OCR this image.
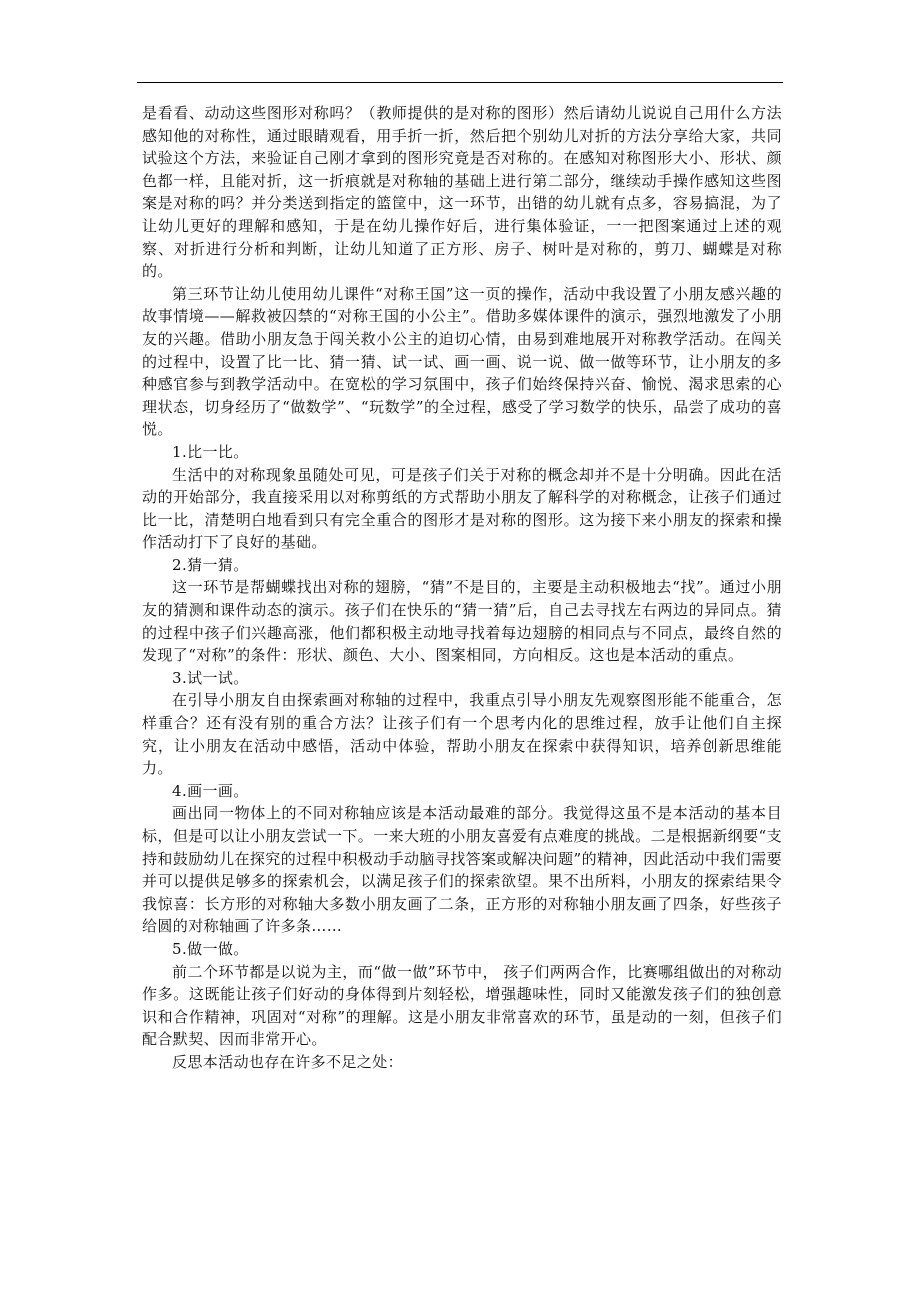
是看看、动动这些图形对称吗？（教师提供的是对称的图形）然后请幼儿说说自己用什么方法感知他的对称性，通过眼睛观看，用手折一折，然后把个别幼儿对折的方法分享给大家，共同试验这个方法，来验证自己刚才拿到的图形究竟是否对称的。在感知对称图形大小、形状、颜色都一样，且能对折，这一折痕就是对称轴的基础上进行第二部分，继续动手操作感知这些图案是对称的吗？并分类送到指定的篮筐中，这一环节，出错的幼儿就有点多，容易搞混，为了让幼儿更好的理解和感知，于是在幼儿操作好后，进行集体验证，一一把图案通过上述的观察、对折进行分析和判断，让幼儿知道了正方形、房子、树叶是对称的，剪刀、蝴蝶是对称的。

第三环节让幼儿使用幼儿课件“对称王国”这一页的操作，活动中我设置了小朋友感兴趣的故事情境——解救被囚禁的“对称王国的小公主”。借助多媒体课件的演示，强烈地激发了小朋友的兴趣。借助小朋友急于闯关救小公主的迫切心情，由易到难地展开对称教学活动。在闯关的过程中，设置了比一比、猜一猜、试一试、画一画、说一说、做一做等环节，让小朋友的多种感官参与到教学活动中。在宽松的学习氛围中，孩子们始终保持兴奋、愉悦、渴求思索的心理状态，切身经历了“做数学”、“玩数学”的全过程，感受了学习数学的快乐，品尝了成功的喜悦。

1.比一比。

生活中的对称现象虽随处可见，可是孩子们关于对称的概念却并不是十分明确。因此在活动的开始部分，我直接采用以对称剪纸的方式帮助小朋友了解科学的对称概念，让孩子们通过比一比，清楚明白地看到只有完全重合的图形才是对称的图形。这为接下来小朋友的探索和操作活动打下了良好的基础。

2.猜一猜。

这一环节是帮蝴蝶找出对称的翅膀，“猜”不是目的，主要是主动积极地去“找”。通过小朋友的猜测和课件动态的演示。孩子们在快乐的“猜一猜”后，自己去寻找左右两边的异同点。猜的过程中孩子们兴趣高涨，他们都积极主动地寻找着每边翅膀的相同点与不同点，最终自然的发现了“对称”的条件：形状、颜色、大小、图案相同，方向相反。这也是本活动的重点。

3.试一试。

在引导小朋友自由探索画对称轴的过程中，我重点引导小朋友先观察图形能不能重合，怎样重合？还有没有别的重合方法？让孩子们有一个思考内化的思维过程，放手让他们自主探究，让小朋友在活动中感悟，活动中体验，帮助小朋友在探索中获得知识，培养创新思维能力。

4.画一画。

画出同一物体上的不同对称轴应该是本活动最难的部分。我觉得这虽不是本活动的基本目标，但是可以让小朋友尝试一下。一来大班的小朋友喜爱有点难度的挑战。二是根据新纲要“支持和鼓励幼儿在探究的过程中积极动手动脑寻找答案或解决问题”的精神，因此活动中我们需要并可以提供足够多的探索机会，以满足孩子们的探索欲望。果不出所料，小朋友的探索结果令我惊喜：长方形的对称轴大多数小朋友画了二条，正方形的对称轴小朋友画了四条，好些孩子给圆的对称轴画了许多条……

5.做一做。

前二个环节都是以说为主，而“做一做”环节中， 孩子们两两合作，比赛哪组做出的对称动作多。这既能让孩子们好动的身体得到片刻轻松，增强趣味性，同时又能激发孩子们的独创意识和合作精神，巩固对“对称”的理解。这是小朋友非常喜欢的环节，虽是动的一刻，但孩子们配合默契、因而非常开心。

反思本活动也存在许多不足之处：
